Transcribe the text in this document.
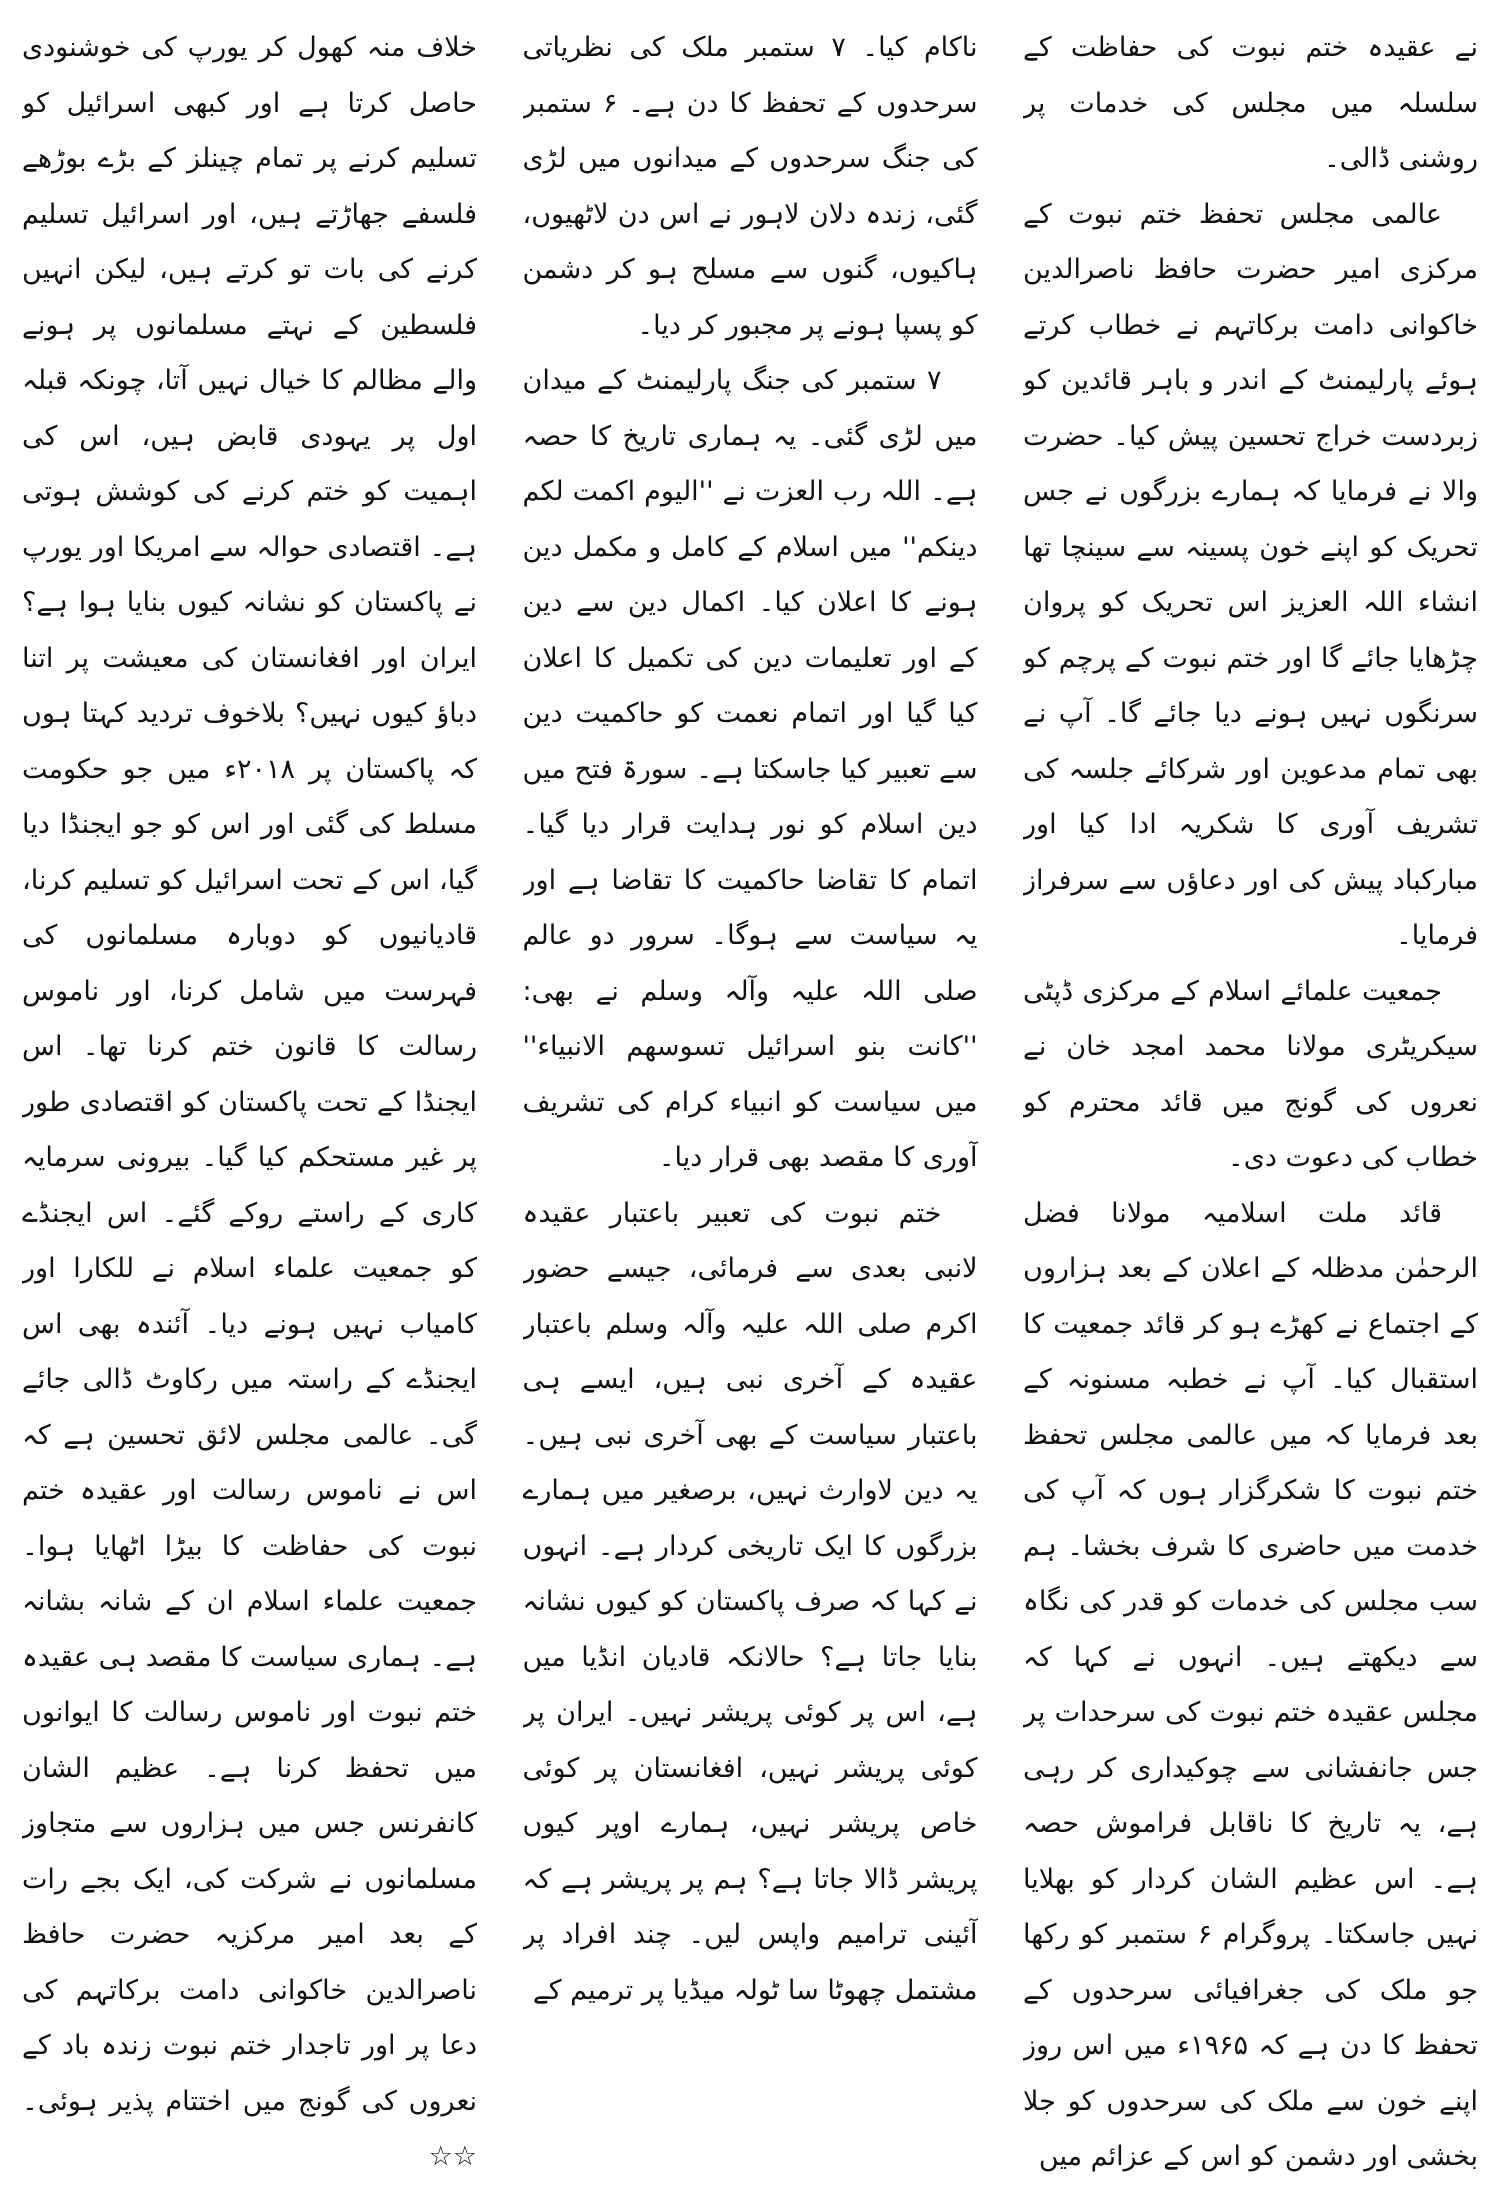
نے عقیدہ ختم نبوت کی حفاظت کے سلسلہ میں مجلس کی خدمات پر روشنی ڈالی۔

عالمی مجلس تحفظ ختم نبوت کے مرکزی امیر حضرت حافظ ناصرالدین خاکوانی دامت برکاتہم نے خطاب کرتے ہوئے پارلیمنٹ کے اندر و باہر قائدین کو زبردست خراج تحسین پیش کیا۔ حضرت والا نے فرمایا کہ ہمارے بزرگوں نے جس تحریک کو اپنے خون پسینہ سے سینچا تھا انشاء اللہ العزیز اس تحریک کو پروان چڑھایا جائے گا اور ختم نبوت کے پرچم کو سرنگوں نہیں ہونے دیا جائے گا۔ آپ نے بھی تمام مدعوین اور شرکائے جلسہ کی تشریف آوری کا شکریہ ادا کیا اور مبارکباد پیش کی اور دعاؤں سے سرفراز فرمایا۔

جمعیت علمائے اسلام کے مرکزی ڈپٹی سیکریٹری مولانا محمد امجد خان نے نعروں کی گونج میں قائد محترم کو خطاب کی دعوت دی۔

قائد ملت اسلامیہ مولانا فضل الرحمٰن مدظلہ کے اعلان کے بعد ہزاروں کے اجتماع نے کھڑے ہو کر قائد جمعیت کا استقبال کیا۔ آپ نے خطبہ مسنونہ کے بعد فرمایا کہ میں عالمی مجلس تحفظ ختم نبوت کا شکرگزار ہوں کہ آپ کی خدمت میں حاضری کا شرف بخشا۔ ہم سب مجلس کی خدمات کو قدر کی نگاہ سے دیکھتے ہیں۔ انہوں نے کہا کہ مجلس عقیدہ ختم نبوت کی سرحدات پر جس جانفشانی سے چوکیداری کر رہی ہے، یہ تاریخ کا ناقابل فراموش حصہ ہے۔ اس عظیم الشان کردار کو بھلایا نہیں جاسکتا۔ پروگرام ۶ ستمبر کو رکھا جو ملک کی جغرافیائی سرحدوں کے تحفظ کا دن ہے کہ ۱۹۶۵ء میں اس روز اپنے خون سے ملک کی سرحدوں کو جلا بخشی اور دشمن کو اس کے عزائم میں

ناکام کیا۔ ۷ ستمبر ملک کی نظریاتی سرحدوں کے تحفظ کا دن ہے۔ ۶ ستمبر کی جنگ سرحدوں کے میدانوں میں لڑی گئی، زندہ دلان لاہور نے اس دن لاٹھیوں، ہاکیوں، گنوں سے مسلح ہو کر دشمن کو پسپا ہونے پر مجبور کر دیا۔

۷ ستمبر کی جنگ پارلیمنٹ کے میدان میں لڑی گئی۔ یہ ہماری تاریخ کا حصہ ہے۔ اللہ رب العزت نے ''الیوم اکمت لکم دینکم'' میں اسلام کے کامل و مکمل دین ہونے کا اعلان کیا۔ اکمال دین سے دین کے اور تعلیمات دین کی تکمیل کا اعلان کیا گیا اور اتمام نعمت کو حاکمیت دین سے تعبیر کیا جاسکتا ہے۔ سورۃ فتح میں دین اسلام کو نور ہدایت قرار دیا گیا۔ اتمام کا تقاضا حاکمیت کا تقاضا ہے اور یہ سیاست سے ہوگا۔ سرور دو عالم صلی اللہ علیہ وآلہ وسلم نے بھی: ''کانت بنو اسرائیل تسوسھم الانبیاء'' میں سیاست کو انبیاء کرام کی تشریف آوری کا مقصد بھی قرار دیا۔

ختم نبوت کی تعبیر باعتبار عقیدہ لانبی بعدی سے فرمائی، جیسے حضور اکرم صلی اللہ علیہ وآلہ وسلم باعتبار عقیدہ کے آخری نبی ہیں، ایسے ہی باعتبار سیاست کے بھی آخری نبی ہیں۔ یہ دین لاوارث نہیں، برصغیر میں ہمارے بزرگوں کا ایک تاریخی کردار ہے۔ انہوں نے کہا کہ صرف پاکستان کو کیوں نشانہ بنایا جاتا ہے؟ حالانکہ قادیان انڈیا میں ہے، اس پر کوئی پریشر نہیں۔ ایران پر کوئی پریشر نہیں، افغانستان پر کوئی خاص پریشر نہیں، ہمارے اوپر کیوں پریشر ڈالا جاتا ہے؟ ہم پر پریشر ہے کہ آئینی ترامیم واپس لیں۔ چند افراد پر مشتمل چھوٹا سا ٹولہ میڈیا پر ترمیم کے

خلاف منہ کھول کر یورپ کی خوشنودی حاصل کرتا ہے اور کبھی اسرائیل کو تسلیم کرنے پر تمام چینلز کے بڑے بوڑھے فلسفے جھاڑتے ہیں، اور اسرائیل تسلیم کرنے کی بات تو کرتے ہیں، لیکن انہیں فلسطین کے نہتے مسلمانوں پر ہونے والے مظالم کا خیال نہیں آتا، چونکہ قبلہ اول پر یہودی قابض ہیں، اس کی اہمیت کو ختم کرنے کی کوشش ہوتی ہے۔ اقتصادی حوالہ سے امریکا اور یورپ نے پاکستان کو نشانہ کیوں بنایا ہوا ہے؟ ایران اور افغانستان کی معیشت پر اتنا دباؤ کیوں نہیں؟ بلاخوف تردید کہتا ہوں کہ پاکستان پر ۲۰۱۸ء میں جو حکومت مسلط کی گئی اور اس کو جو ایجنڈا دیا گیا، اس کے تحت اسرائیل کو تسلیم کرنا، قادیانیوں کو دوبارہ مسلمانوں کی فہرست میں شامل کرنا، اور ناموس رسالت کا قانون ختم کرنا تھا۔ اس ایجنڈا کے تحت پاکستان کو اقتصادی طور پر غیر مستحکم کیا گیا۔ بیرونی سرمایہ کاری کے راستے روکے گئے۔ اس ایجنڈے کو جمعیت علماء اسلام نے للکارا اور کامیاب نہیں ہونے دیا۔ آئندہ بھی اس ایجنڈے کے راستہ میں رکاوٹ ڈالی جائے گی۔ عالمی مجلس لائق تحسین ہے کہ اس نے ناموس رسالت اور عقیدہ ختم نبوت کی حفاظت کا بیڑا اٹھایا ہوا۔ جمعیت علماء اسلام ان کے شانہ بشانہ ہے۔ ہماری سیاست کا مقصد ہی عقیدہ ختم نبوت اور ناموس رسالت کا ایوانوں میں تحفظ کرنا ہے۔ عظیم الشان کانفرنس جس میں ہزاروں سے متجاوز مسلمانوں نے شرکت کی، ایک بجے رات کے بعد امیر مرکزیہ حضرت حافظ ناصرالدین خاکوانی دامت برکاتہم کی دعا پر اور تاجدار ختم نبوت زندہ باد کے نعروں کی گونج میں اختتام پذیر ہوئی۔ ☆☆
